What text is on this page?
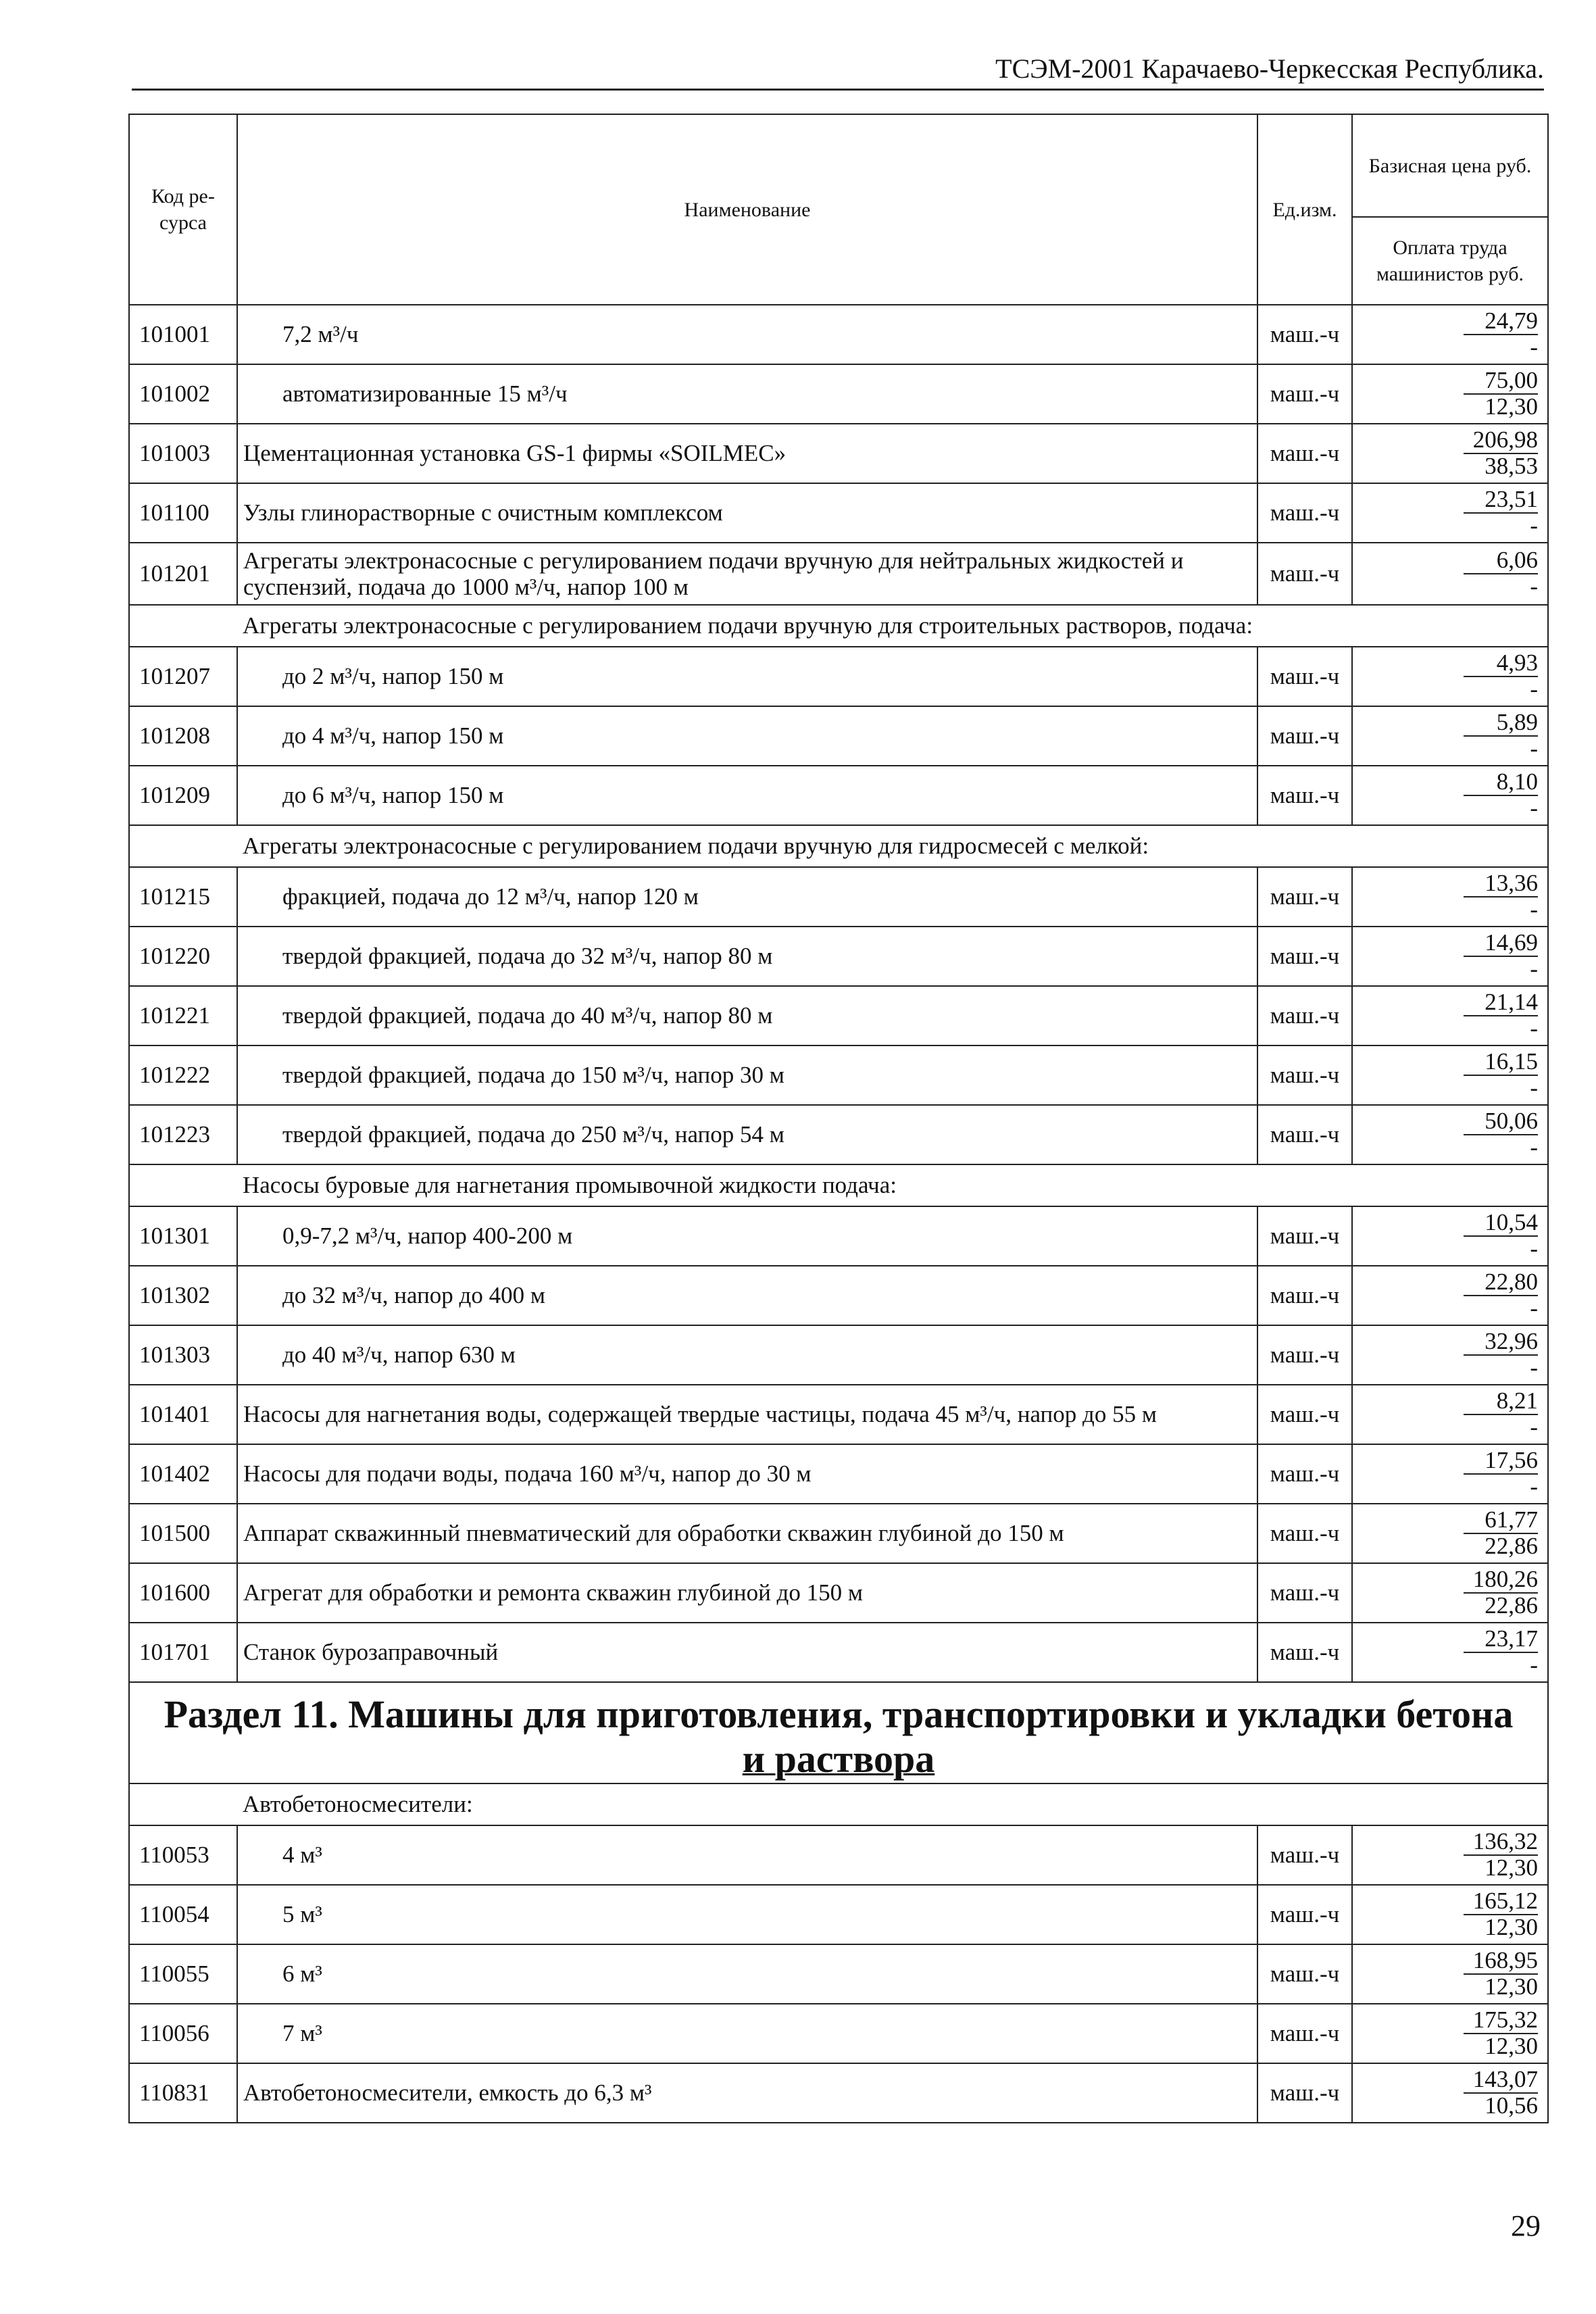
ТСЭМ-2001 Карачаево-Черкесская Республика.
Код ре-сурса	Наименование	Ед.изм.	Базисная цена руб.
			Оплата труда машинистов руб.
101001	7,2 м³/ч	маш.-ч	24,79
-

101002	автоматизированные 15 м³/ч	маш.-ч	75,00
12,30

101003	Цементационная установка GS-1 фирмы «SOILMEC»	маш.-ч	206,98
38,53

101100	Узлы глинорастворные с очистным комплексом	маш.-ч	23,51
-

101201	Агрегаты электронасосные с регулированием подачи вручную для нейтральных жидкостей и суспензий, подача до 1000 м³/ч, напор 100 м	маш.-ч	6,06
-

	Агрегаты электронасосные с регулированием подачи вручную для строительных растворов, подача:		
101207	до 2 м³/ч, напор 150 м	маш.-ч	4,93
-

101208	до 4 м³/ч, напор 150 м	маш.-ч	5,89
-

101209	до 6 м³/ч, напор 150 м	маш.-ч	8,10
-

	Агрегаты электронасосные с регулированием подачи вручную для гидросмесей с мелкой:		
101215	фракцией, подача до 12 м³/ч, напор 120 м	маш.-ч	13,36
-

101220	твердой фракцией, подача до 32 м³/ч, напор 80 м	маш.-ч	14,69
-

101221	твердой фракцией, подача до 40 м³/ч, напор 80 м	маш.-ч	21,14
-

101222	твердой фракцией, подача до 150 м³/ч, напор 30 м	маш.-ч	16,15
-

101223	твердой фракцией, подача до 250 м³/ч, напор 54 м	маш.-ч	50,06
-

	Насосы буровые для нагнетания промывочной жидкости подача:		
101301	0,9-7,2 м³/ч, напор 400-200 м	маш.-ч	10,54
-

101302	до 32 м³/ч, напор до 400 м	маш.-ч	22,80
-

101303	до 40 м³/ч, напор 630 м	маш.-ч	32,96
-

101401	Насосы для нагнетания воды, содержащей твердые частицы, подача 45 м³/ч, напор до 55 м	маш.-ч	8,21
-

101402	Насосы для подачи воды, подача 160 м³/ч, напор до 30 м	маш.-ч	17,56
-

101500	Аппарат скважинный пневматический для обработки скважин глубиной до 150 м	маш.-ч	61,77
22,86

101600	Агрегат для обработки и ремонта скважин глубиной до 150 м	маш.-ч	180,26
22,86

101701	Станок бурозаправочный	маш.-ч	23,17
-

Раздел 11. Машины для приготовления, транспортировки и укладки бетона
и раствора			

	Автобетоносмесители:		
110053	4 м³	маш.-ч	136,32
12,30

110054	5 м³	маш.-ч	165,12
12,30

110055	6 м³	маш.-ч	168,95
12,30

110056	7 м³	маш.-ч	175,32
12,30

110831	Автобетоносмесители, емкость до 6,3 м³	маш.-ч	143,07
10,56
29
